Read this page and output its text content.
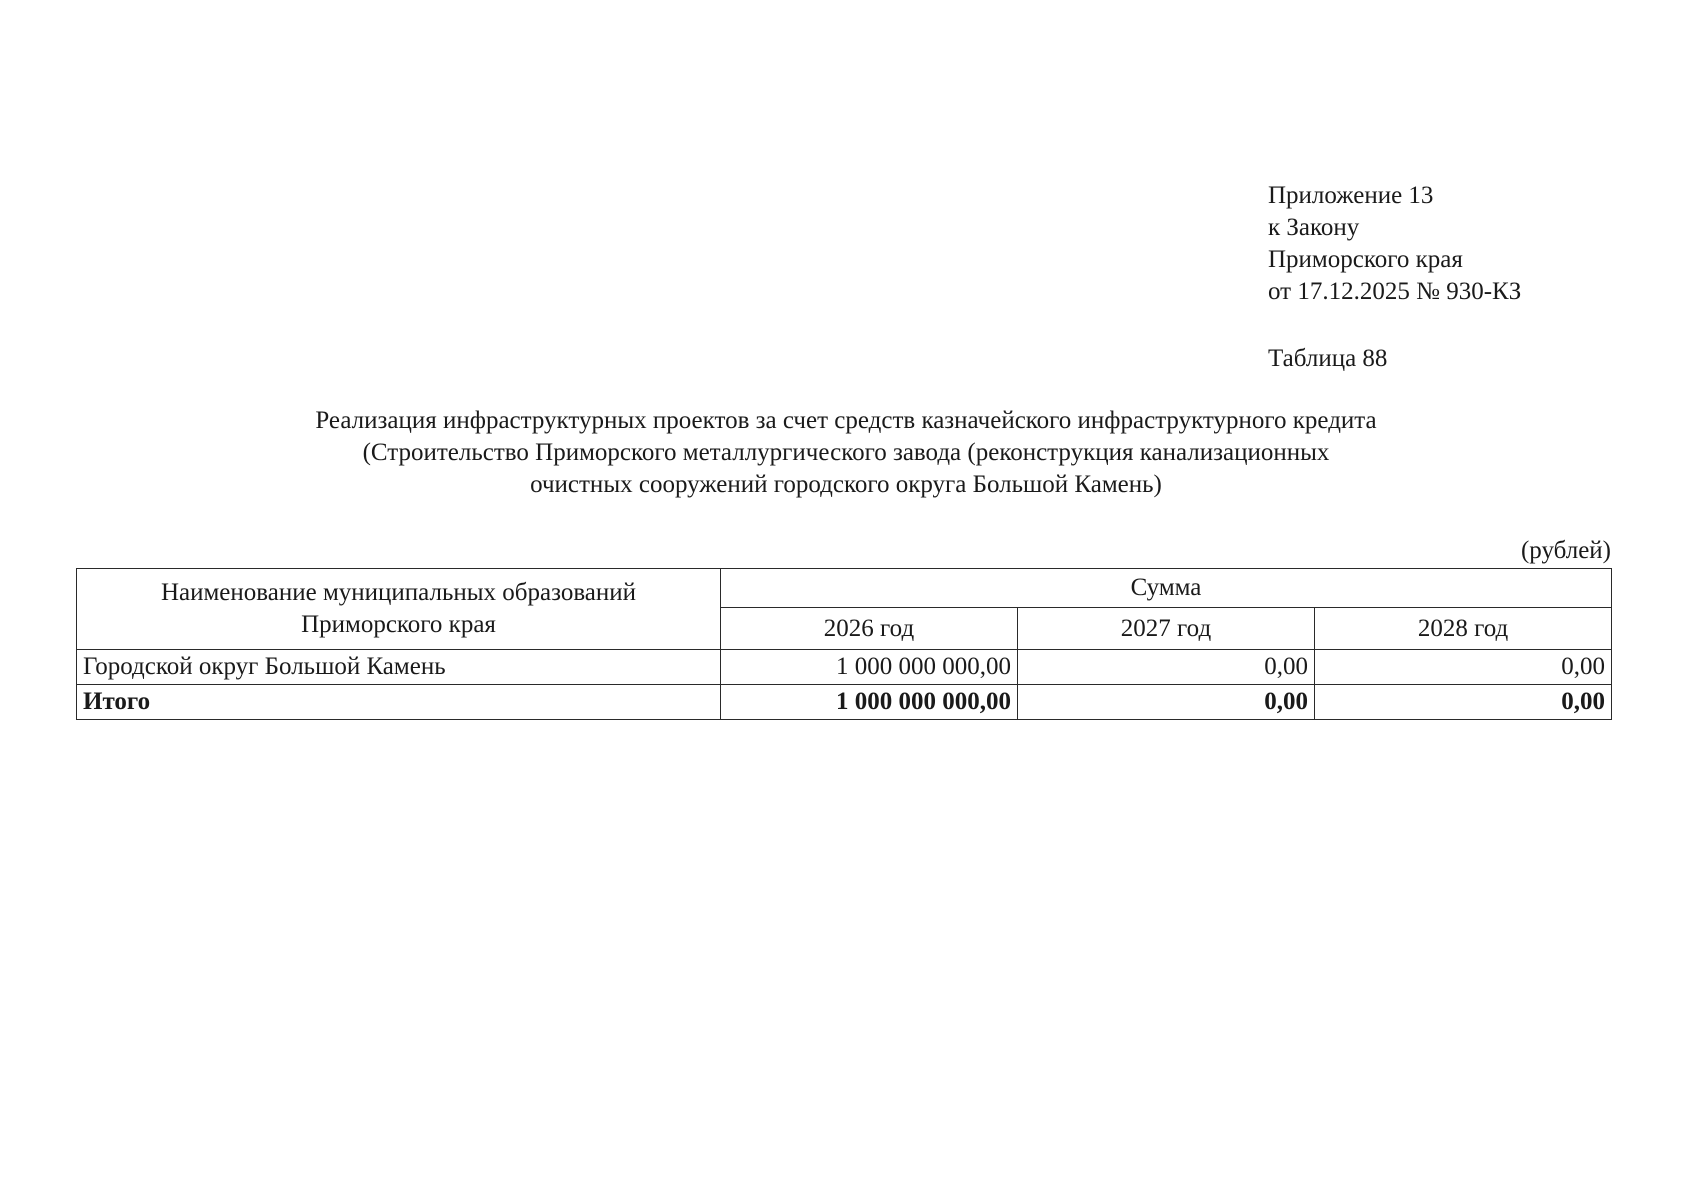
Приложение 13
к Закону
Приморского края
от 17.12.2025 № 930-КЗ
Таблица 88
Реализация инфраструктурных проектов за счет средств казначейского инфраструктурного кредита
(Строительство Приморского металлургического завода (реконструкция канализационных
очистных сооружений городского округа Большой Камень)
(рублей)
Наименование муниципальных образований
Приморского края	Сумма		
	2026 год	2027 год	2028 год
Городской округ Большой Камень	1 000 000 000,00	0,00	0,00
Итого	1 000 000 000,00	0,00	0,00
